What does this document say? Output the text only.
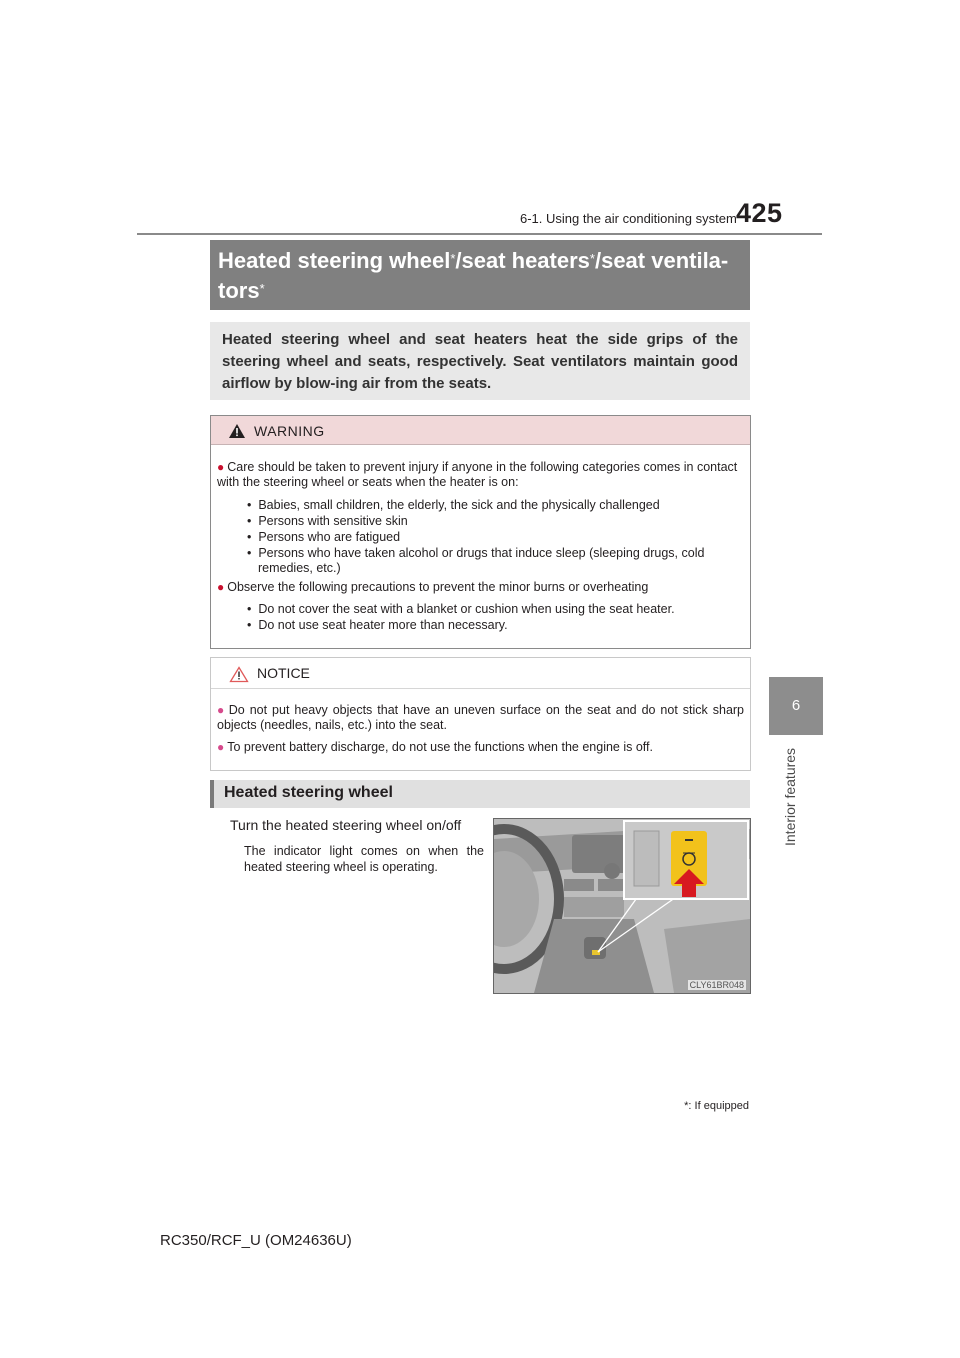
6-1. Using the air conditioning system 425
6
Interior features
Heated steering wheel*/seat heaters*/seat ventila-
tors*

Heated steering wheel and seat heaters heat the side grips of the steering wheel and seats, respectively. Seat ventilators maintain good airflow by blow-ing air from the seats.

WARNING
● Care should be taken to prevent injury if anyone in the following categories comes in contact with the steering wheel or seats when the heater is on:
•  Babies, small children, the elderly, the sick and the physically challenged
•  Persons with sensitive skin
•  Persons who are fatigued
•  Persons who have taken alcohol or drugs that induce sleep (sleeping drugs, cold remedies, etc.)
● Observe the following precautions to prevent the minor burns or overheating
•  Do not cover the seat with a blanket or cushion when using the seat heater.
•  Do not use seat heater more than necessary.
NOTICE
● Do not put heavy objects that have an uneven surface on the seat and do not stick sharp objects (needles, nails, etc.) into the seat.
● To prevent battery discharge, do not use the functions when the engine is off.
Heated steering wheel
Turn the heated steering wheel on/off
The indicator light comes on when the heated steering wheel is operating.
CLY61BR048
*: If equipped
RC350/RCF_U (OM24636U)
